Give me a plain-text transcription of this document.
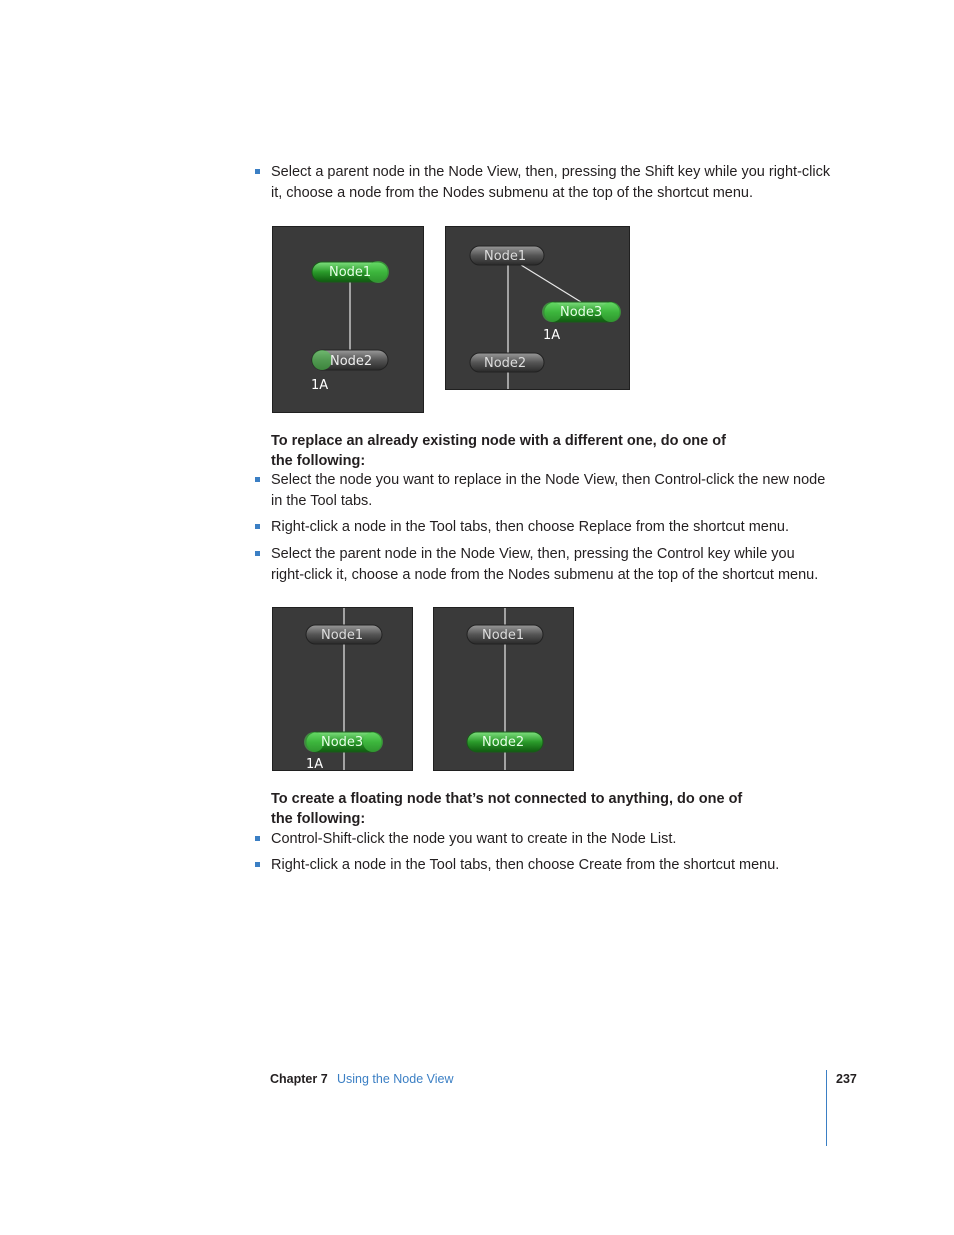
Select a parent node in the Node View, then, pressing the Shift key while you right-click it, choose a node from the Nodes submenu at the top of the shortcut menu.
Node1
Node2
1A
Node1
Node3
1A
Node2
To replace an already existing node with a different one, do one of the following:
Select the node you want to replace in the Node View, then Control-click the new node in the Tool tabs.
Right-click a node in the Tool tabs, then choose Replace from the shortcut menu.
Select the parent node in the Node View, then, pressing the Control key while you right-click it, choose a node from the Nodes submenu at the top of the shortcut menu.
Node1
Node3
1A
Node1
Node2
To create a floating node that’s not connected to anything, do one of the following:
Control-Shift-click the node you want to create in the Node List.
Right-click a node in the Tool tabs, then choose Create from the shortcut menu.
Chapter 7 Using the Node View	237
